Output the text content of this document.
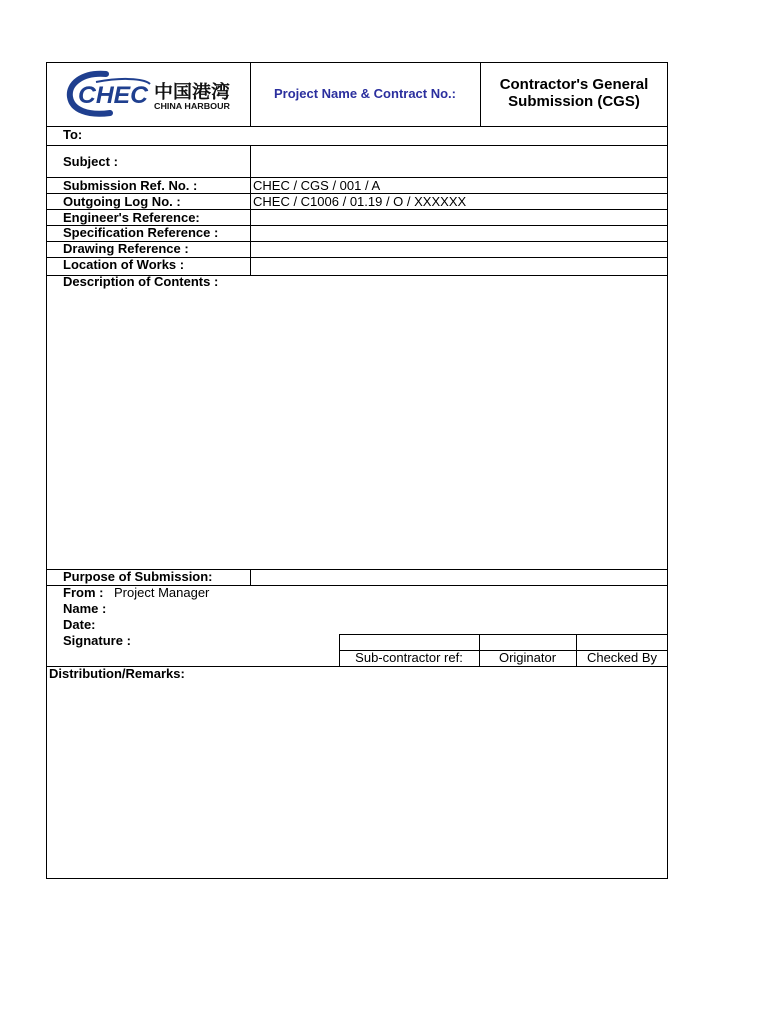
CHEC 中国港湾
CHINA HARBOUR
Project Name & Contract No.:
Contractor's General
Submission (CGS)
To:
Subject :
Submission Ref. No. :	CHEC / CGS / 001 / A
Outgoing Log No. :	CHEC / C1006 / 01.19 / O / XXXXXX
Engineer's Reference:
Specification Reference :
Drawing Reference :
Location of Works :
Description of Contents :
Purpose of Submission:
From : Project Manager
Name :
Date:
Signature :
Sub-contractor ref:	Originator	Checked By
Distribution/Remarks:
